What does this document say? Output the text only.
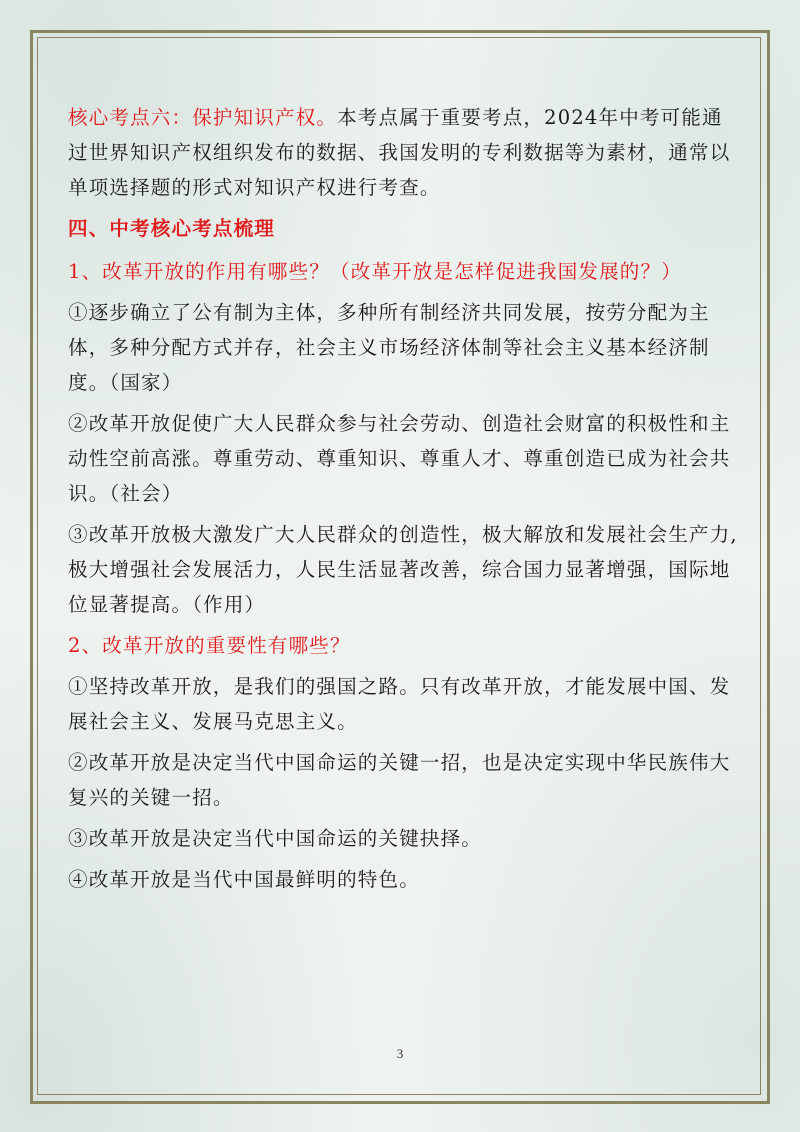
核心考点六：保护知识产权。本考点属于重要考点，2024年中考可能通过世界知识产权组织发布的数据、我国发明的专利数据等为素材，通常以单项选择题的形式对知识产权进行考查。

四、中考核心考点梳理

1、改革开放的作用有哪些？（改革开放是怎样促进我国发展的？）

①逐步确立了公有制为主体，多种所有制经济共同发展，按劳分配为主体，多种分配方式并存，社会主义市场经济体制等社会主义基本经济制度。（国家）

②改革开放促使广大人民群众参与社会劳动、创造社会财富的积极性和主动性空前高涨。尊重劳动、尊重知识、尊重人才、尊重创造已成为社会共识。（社会）

③改革开放极大激发广大人民群众的创造性，极大解放和发展社会生产力,极大增强社会发展活力，人民生活显著改善，综合国力显著增强，国际地位显著提高。（作用）

2、改革开放的重要性有哪些？

①坚持改革开放，是我们的强国之路。只有改革开放，才能发展中国、发展社会主义、发展马克思主义。

②改革开放是决定当代中国命运的关键一招，也是决定实现中华民族伟大复兴的关键一招。

③改革开放是决定当代中国命运的关键抉择。

④改革开放是当代中国最鲜明的特色。

3
